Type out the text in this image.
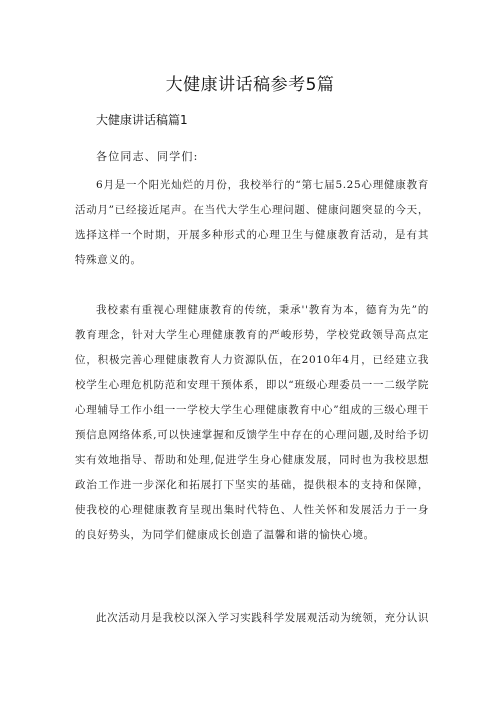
大健康讲话稿参考5篇
大健康讲话稿篇1
各位同志、同学们:

6月是一个阳光灿烂的月份，我校举行的“第七届5.25心理健康教育活动月”已经接近尾声。在当代大学生心理问题、健康问题突显的今天，选择这样一个时期，开展多种形式的心理卫生与健康教育活动，是有其特殊意义的。

我校素有重视心理健康教育的传统，秉承''教育为本，德育为先”的教育理念，针对大学生心理健康教育的严峻形势，学校党政领导高点定位，积极完善心理健康教育人力资源队伍，在2010年4月，已经建立我校学生心理危机防范和安理干预体系，即以“班级心理委员一一二级学院心理辅导工作小组一一学校大学生心理健康教育中心”组成的三级心理干预信息网络体系,可以快速掌握和反馈学生中存在的心理问题,及时给予切实有效地指导、帮助和处理,促进学生身心健康发展，同时也为我校思想政治工作进一步深化和拓展打下坚实的基础，提供根本的支持和保障，使我校的心理健康教育呈现出集时代特色、人性关怀和发展活力于一身的良好势头，为同学们健康成长创造了温馨和谐的愉快心境。

此次活动月是我校以深入学习实践科学发展观活动为统领，充分认识
